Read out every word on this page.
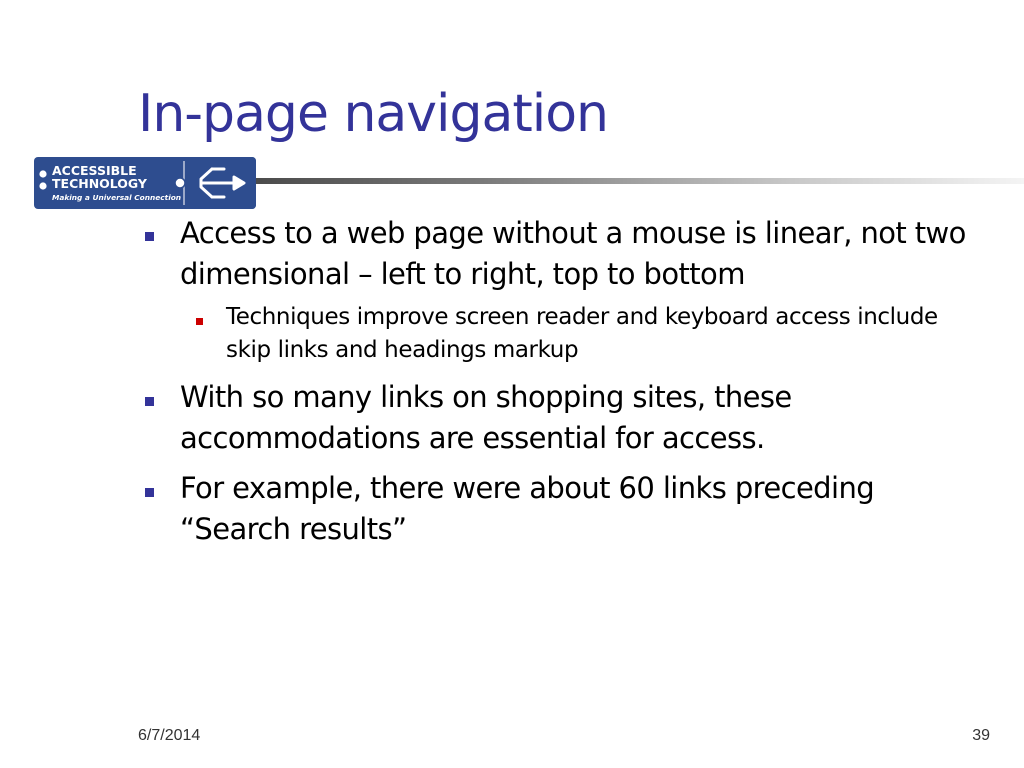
In-page navigation
ACCESSIBLE
TECHNOLOGY
Making a Universal Connection
Access to a web page without a mouse is linear, not two dimensional – left to right, top to bottom
Techniques improve screen reader and keyboard access include skip links and headings markup
With so many links on shopping sites, these accommodations are essential for access.
For example, there were about 60 links preceding “Search results”
6/7/2014	39
